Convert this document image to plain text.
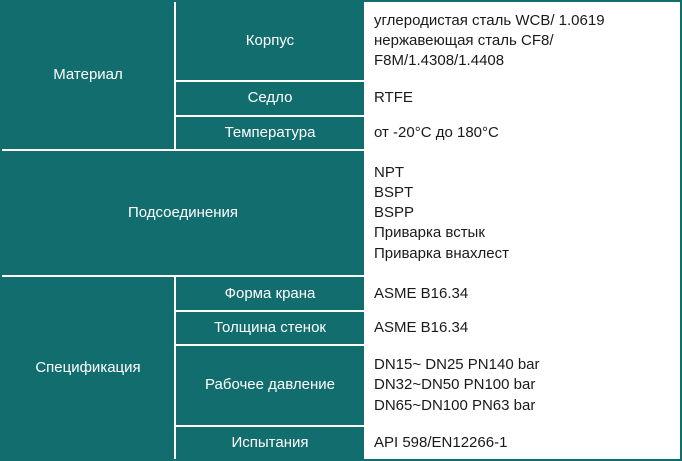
Материал	Корпус	углеродистая сталь WCB/ 1.0619
нержавеющая сталь CF8/
F8M/1.4308/1.4408

	Седло	RTFE

	Температура	от -20°C до 180°C

Подсоединения		NPT
BSPT
BSPP
Приварка встык
Приварка внахлест

Спецификация	Форма крана	ASME B16.34

	Толщина стенок	ASME B16.34

	Рабочее давление	DN15~ DN25 PN140 bar
DN32~DN50 PN100 bar
DN65~DN100 PN63 bar

	Испытания	API 598/EN12266-1
